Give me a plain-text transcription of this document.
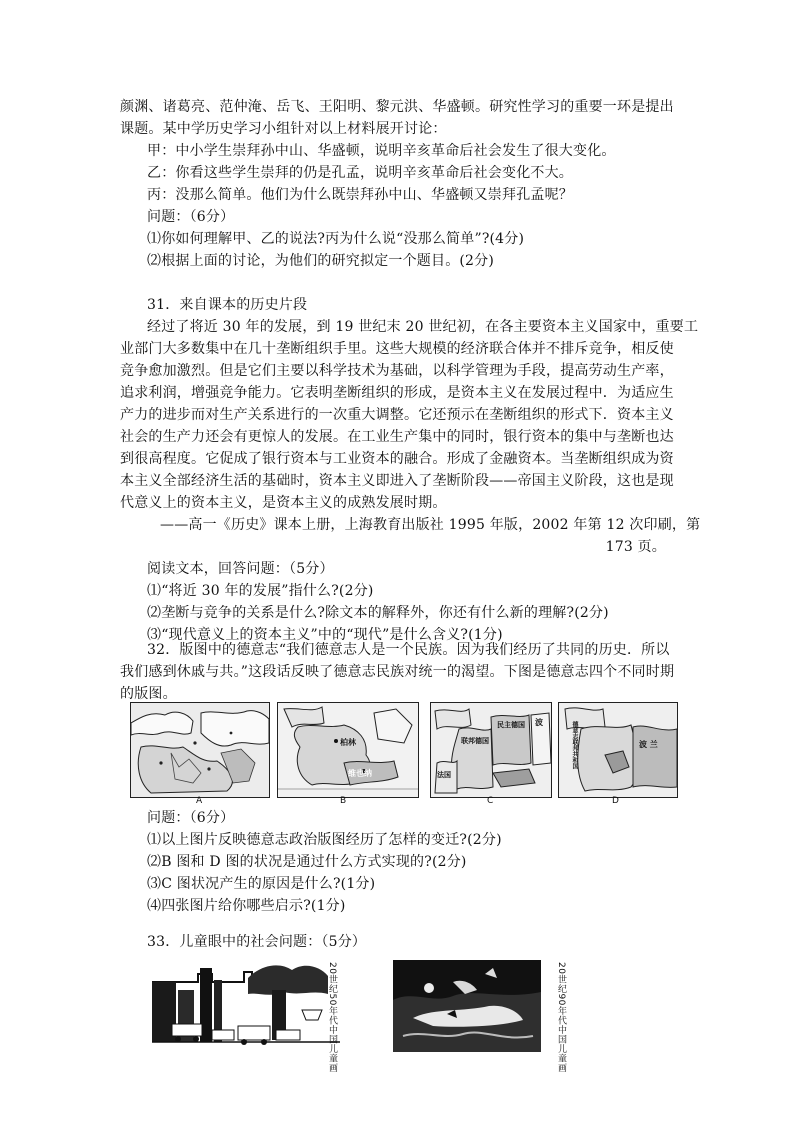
颜渊、诸葛亮、范仲淹、岳飞、王阳明、黎元洪、华盛顿。研究性学习的重要一环是提出
课题。某中学历史学习小组针对以上材料展开讨论：
甲：中小学生崇拜孙中山、华盛顿，说明辛亥革命后社会发生了很大变化。
乙：你看这些学生崇拜的仍是孔孟，说明辛亥革命后社会变化不大。
丙：没那么简单。他们为什么既崇拜孙中山、华盛顿又崇拜孔孟呢？
问题：（6分）
⑴你如何理解甲、乙的说法?丙为什么说“没那么简单”?(4分)
⑵根据上面的讨论，为他们的研究拟定一个题目。(2分)
31．来自课本的历史片段
经过了将近 30 年的发展，到 19 世纪末 20 世纪初，在各主要资本主义国家中，重要工
业部门大多数集中在几十垄断组织手里。这些大规模的经济联合体并不排斥竞争，相反使
竞争愈加激烈。但是它们主要以科学技术为基础，以科学管理为手段，提高劳动生产率，
追求利润，增强竞争能力。它表明垄断组织的形成，是资本主义在发展过程中．为适应生
产力的进步而对生产关系进行的一次重大调整。它还预示在垄断组织的形式下．资本主义
社会的生产力还会有更惊人的发展。在工业生产集中的同时，银行资本的集中与垄断也达
到很高程度。它促成了银行资本与工业资本的融合。形成了金融资本。当垄断组织成为资
本主义全部经济生活的基础时，资本主义即进入了垄断阶段——帝国主义阶段，这也是现
代意义上的资本主义，是资本主义的成熟发展时期。
——高一《历史》课本上册，上海教育出版社 1995 年版，2002 年第 12 次印刷，第
173 页。
阅读文本，回答问题：（5分）
⑴“将近 30 年的发展”指什么?(2分)
⑵垄断与竞争的关系是什么?除文本的解释外，你还有什么新的理解?(2分)
⑶“现代意义上的资本主义”中的“现代”是什么含义?(1分)
32．版图中的德意志“我们德意志人是一个民族。因为我们经历了共同的历史．所以
我们感到休戚与共。”这段话反映了德意志民族对统一的渴望。下图是德意志四个不同时期
柏林
维也纳
民主德国
联邦德国
法国
波
波 兰
德意志联邦共和国
A	B	C	D
问题：（6分）
⑴以上图片反映德意志政治版图经历了怎样的变迁?(2分)
⑵B 图和 D 图的状况是通过什么方式实现的?(2分)
⑶C 图状况产生的原因是什么?(1分)
⑷四张图片给你哪些启示?(1分)
33．儿童眼中的社会问题：（5分）
20世纪50年代中国儿童画	20世纪90年代中国儿童画
的版图。
